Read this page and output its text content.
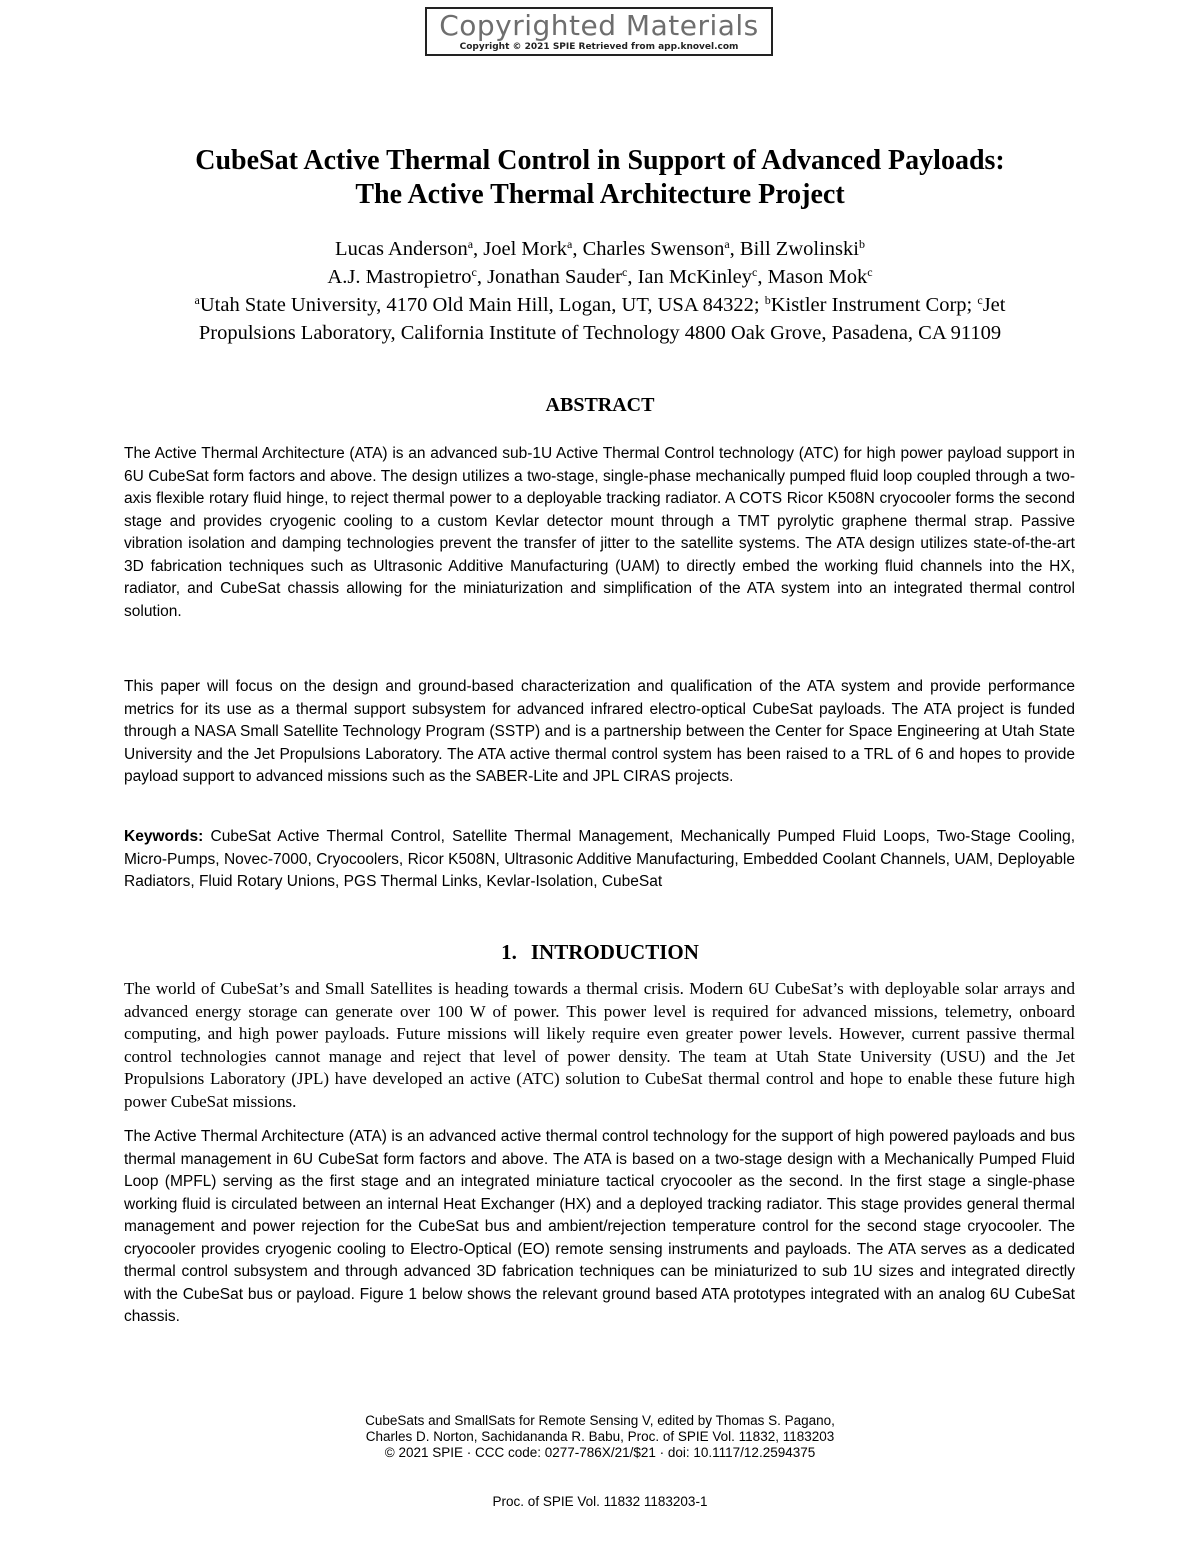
Copyrighted Materials
Copyright © 2021 SPIE Retrieved from app.knovel.com
CubeSat Active Thermal Control in Support of Advanced Payloads:
The Active Thermal Architecture Project
Lucas Anderson$^a$, Joel Mork$^a$, Charles Swenson$^a$, Bill Zwolinski$^b$
A.J. Mastropietro$^c$, Jonathan Sauder$^c$, Ian McKinley$^c$, Mason Mok$^c$
$^a$Utah State University, 4170 Old Main Hill, Logan, UT, USA 84322; $^b$Kistler Instrument Corp; $^c$Jet
Propulsions Laboratory, California Institute of Technology 4800 Oak Grove, Pasadena, CA 91109
ABSTRACT
The Active Thermal Architecture (ATA) is an advanced sub-1U Active Thermal Control technology (ATC) for high power payload support in 6U CubeSat form factors and above. The design utilizes a two-stage, single-phase mechanically pumped fluid loop coupled through a two-axis flexible rotary fluid hinge, to reject thermal power to a deployable tracking radiator. A COTS Ricor K508N cryocooler forms the second stage and provides cryogenic cooling to a custom Kevlar detector mount through a TMT pyrolytic graphene thermal strap. Passive vibration isolation and damping technologies prevent the transfer of jitter to the satellite systems. The ATA design utilizes state-of-the-art 3D fabrication techniques such as Ultrasonic Additive Manufacturing (UAM) to directly embed the working fluid channels into the HX, radiator, and CubeSat chassis allowing for the miniaturization and simplification of the ATA system into an integrated thermal control solution.
This paper will focus on the design and ground-based characterization and qualification of the ATA system and provide performance metrics for its use as a thermal support subsystem for advanced infrared electro-optical CubeSat payloads. The ATA project is funded through a NASA Small Satellite Technology Program (SSTP) and is a partnership between the Center for Space Engineering at Utah State University and the Jet Propulsions Laboratory. The ATA active thermal control system has been raised to a TRL of 6 and hopes to provide payload support to advanced missions such as the SABER-Lite and JPL CIRAS projects.
Keywords: CubeSat Active Thermal Control, Satellite Thermal Management, Mechanically Pumped Fluid Loops, Two-Stage Cooling, Micro-Pumps, Novec-7000, Cryocoolers, Ricor K508N, Ultrasonic Additive Manufacturing, Embedded Coolant Channels, UAM, Deployable Radiators, Fluid Rotary Unions, PGS Thermal Links, Kevlar-Isolation, CubeSat
1. INTRODUCTION
The world of CubeSat’s and Small Satellites is heading towards a thermal crisis. Modern 6U CubeSat’s with deployable solar arrays and advanced energy storage can generate over 100 W of power. This power level is required for advanced missions, telemetry, onboard computing, and high power payloads. Future missions will likely require even greater power levels. However, current passive thermal control technologies cannot manage and reject that level of power density. The team at Utah State University (USU) and the Jet Propulsions Laboratory (JPL) have developed an active (ATC) solution to CubeSat thermal control and hope to enable these future high power CubeSat missions.
The Active Thermal Architecture (ATA) is an advanced active thermal control technology for the support of high powered payloads and bus thermal management in 6U CubeSat form factors and above. The ATA is based on a two-stage design with a Mechanically Pumped Fluid Loop (MPFL) serving as the first stage and an integrated miniature tactical cryocooler as the second. In the first stage a single-phase working fluid is circulated between an internal Heat Exchanger (HX) and a deployed tracking radiator. This stage provides general thermal management and power rejection for the CubeSat bus and ambient/rejection temperature control for the second stage cryocooler. The cryocooler provides cryogenic cooling to Electro-Optical (EO) remote sensing instruments and payloads. The ATA serves as a dedicated thermal control subsystem and through advanced 3D fabrication techniques can be miniaturized to sub 1U sizes and integrated directly with the CubeSat bus or payload. Figure 1 below shows the relevant ground based ATA prototypes integrated with an analog 6U CubeSat chassis.
CubeSats and SmallSats for Remote Sensing V, edited by Thomas S. Pagano,
Charles D. Norton, Sachidananda R. Babu, Proc. of SPIE Vol. 11832, 1183203
© 2021 SPIE · CCC code: 0277-786X/21/$21 · doi: 10.1117/12.2594375
Proc. of SPIE Vol. 11832 1183203-1
